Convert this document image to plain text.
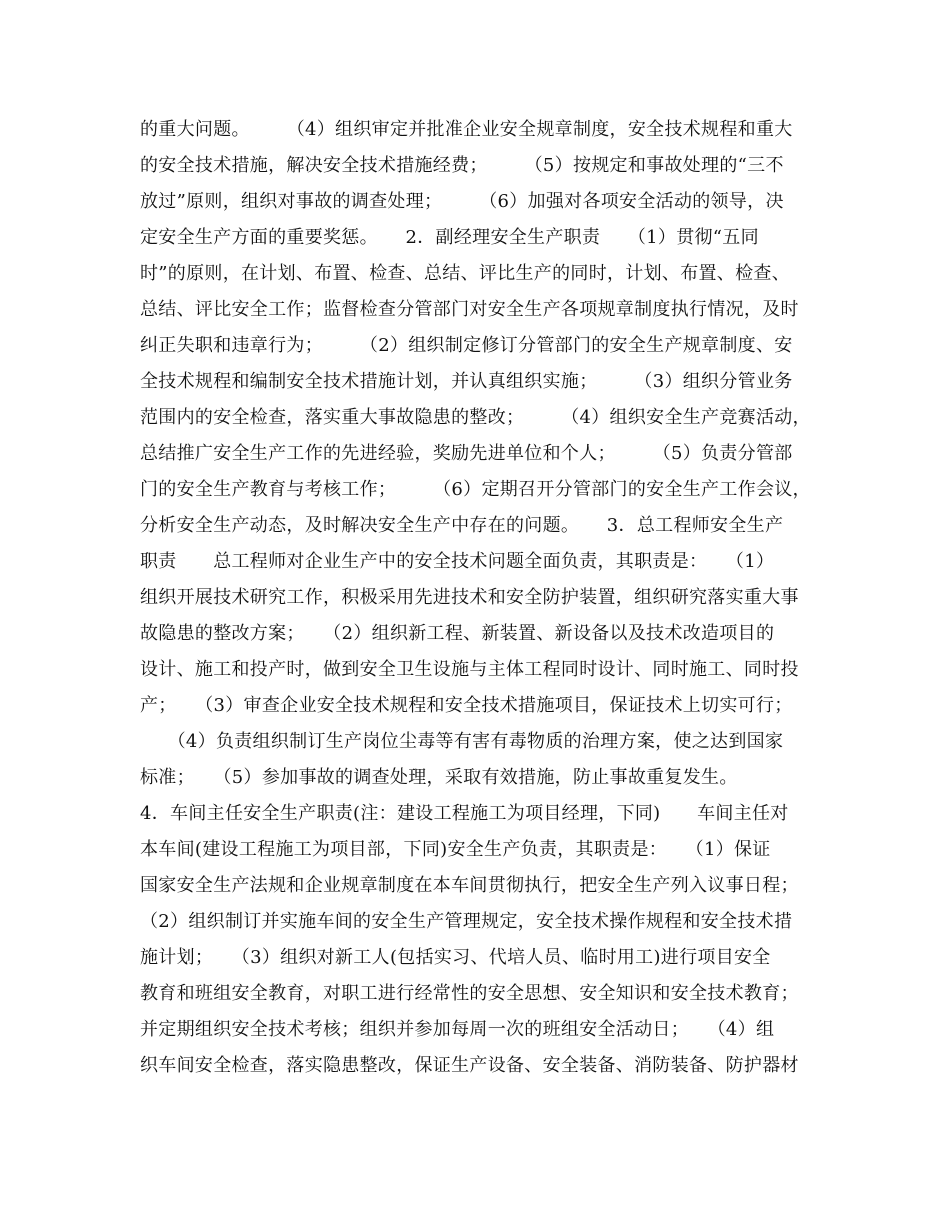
的重大问题。　　　（4）组织审定并批准企业安全规章制度，安全技术规程和重大
的安全技术措施，解决安全技术措施经费；　　　（5）按规定和事故处理的“三不
放过”原则，组织对事故的调查处理；　　　（6）加强对各项安全活动的领导，决
定安全生产方面的重要奖惩。　　2．副经理安全生产职责　　（1）贯彻“五同
时”的原则，在计划、布置、检查、总结、评比生产的同时，计划、布置、检查、
总结、评比安全工作；监督检查分管部门对安全生产各项规章制度执行情况，及时
纠正失职和违章行为；　　　（2）组织制定修订分管部门的安全生产规章制度、安
全技术规程和编制安全技术措施计划，并认真组织实施；　　　（3）组织分管业务
范围内的安全检查，落实重大事故隐患的整改；　　　（4）组织安全生产竞赛活动，
总结推广安全生产工作的先进经验，奖励先进单位和个人；　　　（5）负责分管部
门的安全生产教育与考核工作；　　　（6）定期召开分管部门的安全生产工作会议，
分析安全生产动态，及时解决安全生产中存在的问题。　　3．总工程师安全生产
职责　　总工程师对企业生产中的安全技术问题全面负责，其职责是：　　（1）
组织开展技术研究工作，积极采用先进技术和安全防护装置，组织研究落实重大事
故隐患的整改方案；　　（2）组织新工程、新装置、新设备以及技术改造项目的
设计、施工和投产时，做到安全卫生设施与主体工程同时设计、同时施工、同时投
产；　　（3）审查企业安全技术规程和安全技术措施项目，保证技术上切实可行；
　　（4）负责组织制订生产岗位尘毒等有害有毒物质的治理方案，使之达到国家
标准；　　（5）参加事故的调查处理，采取有效措施，防止事故重复发生。
4．车间主任安全生产职责(注：建设工程施工为项目经理，下同)　　车间主任对
本车间(建设工程施工为项目部，下同)安全生产负责，其职责是：　　（1）保证
国家安全生产法规和企业规章制度在本车间贯彻执行，把安全生产列入议事日程；
（2）组织制订并实施车间的安全生产管理规定，安全技术操作规程和安全技术措
施计划；　　（3）组织对新工人(包括实习、代培人员、临时用工)进行项目安全
教育和班组安全教育，对职工进行经常性的安全思想、安全知识和安全技术教育；
并定期组织安全技术考核；组织并参加每周一次的班组安全活动日；　　（4）组
织车间安全检查，落实隐患整改，保证生产设备、安全装备、消防装备、防护器材
